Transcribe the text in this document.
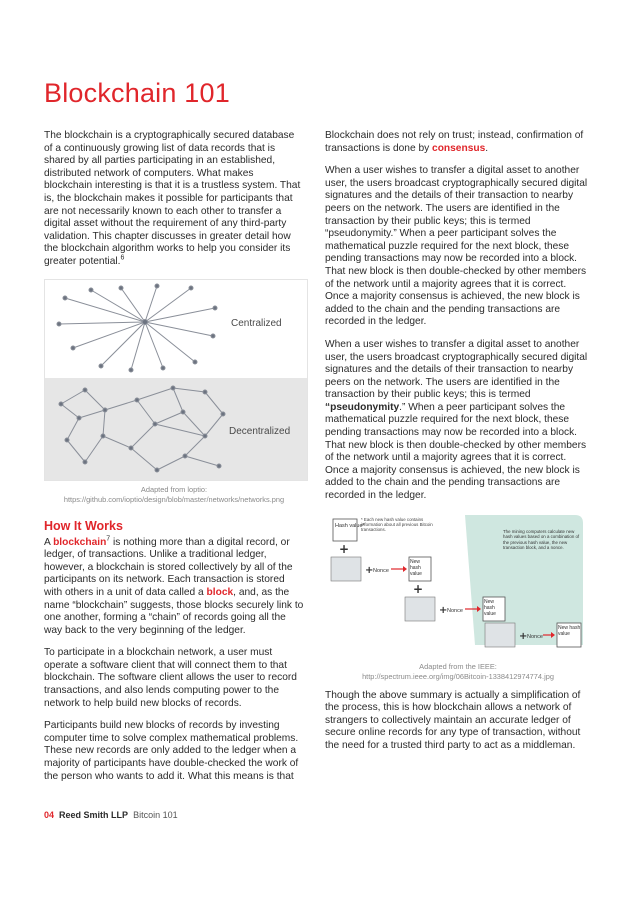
Blockchain 101

The blockchain is a cryptographically secured database of a continuously growing list of data records that is shared by all parties participating in an established, distributed network of computers. What makes blockchain interesting is that it is a trustless system. That is, the blockchain makes it possible for participants that are not necessarily known to each other to transfer a digital asset without the requirement of any third-party validation. This chapter discusses in greater detail how the blockchain algorithm works to help you consider its greater potential.$^6$

Centralized
Decentralized

Adapted from loptio:
https://github.com/ioptio/design/blob/master/networks/networks.png

How It Works

A blockchain$^7$ is nothing more than a digital record, or ledger, of transactions. Unlike a traditional ledger, however, a blockchain is stored collectively by all of the participants on its network. Each transaction is stored with others in a unit of data called a block, and, as the name “blockchain” suggests, those blocks securely link to one another, forming a “chain” of records going all the way back to the very beginning of the ledger.

To participate in a blockchain network, a user must operate a software client that will connect them to that blockchain. The software client allows the user to record transactions, and also lends computing power to the network to help build new blocks of records.

Participants build new blocks of records by investing computer time to solve complex mathematical problems. These new records are only added to the ledger when a majority of participants have double-checked the work of the person who wants to add it. What this means is that

Blockchain does not rely on trust; instead, confirmation of transactions is done by consensus.

When a user wishes to transfer a digital asset to another user, the users broadcast cryptographically secured digital signatures and the details of their transaction to nearby peers on the network. The users are identified in the transaction by their public keys; this is termed “pseudonymity.” When a peer participant solves the mathematical puzzle required for the next block, these pending transactions may now be recorded into a block. That new block is then double-checked by other members of the network until a majority agrees that it is correct. Once a majority consensus is achieved, the new block is added to the chain and the pending transactions are recorded in the ledger.

When a user wishes to transfer a digital asset to another user, the users broadcast cryptographically secured digital signatures and the details of their transaction to nearby peers on the network. The users are identified in the transaction by their public keys; this is termed “pseudonymity.” When a peer participant solves the mathematical puzzle required for the next block, these pending transactions may now be recorded into a block. That new block is then double-checked by other members of the network until a majority agrees that it is correct. Once a majority consensus is achieved, the new block is added to the chain and the pending transactions are recorded in the ledger.

Hash value*
* Each new hash value contains information about all previous Bitcoin transactions.	The mining computers calculate new hash values based on a combination of the previous hash value, the new transaction block, and a nonce.
+
+ Nonce
New hash value
+
+ Nonce
New hash value
+ Nonce
New hash value

Adapted from the IEEE:
http://spectrum.ieee.org/img/06Bitcoin-1338412974774.jpg

Though the above summary is actually a simplification of the process, this is how blockchain allows a network of strangers to collectively maintain an accurate ledger of secure online records for any type of transaction, without the need for a trusted third party to act as a middleman.

04 Reed Smith LLP Bitcoin 101
